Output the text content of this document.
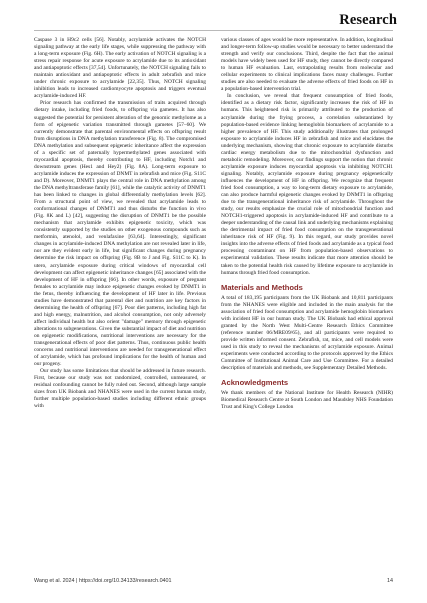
Research

Caspase 3 in H9c2 cells [56]. Notably, acrylamide activates the NOTCH signaling pathway at the early life stages, while suppressing the pathway with a long-term exposure (Fig. 6H). The early activation of NOTCH signaling is a stress repair response for acute exposure to acrylamide due to its antioxidant and antiapoptotic effects [37,54]. Unfortunately, the NOTCH signaling fails to maintain antioxidant and antiapoptotic effects in adult zebrafish and mice under chronic exposure to acrylamide [22,35]. Thus, NOTCH signaling inhibition leads to increased cardiomyocyte apoptosis and triggers eventual acrylamide-induced HF.

Prior research has confirmed the transmission of traits acquired through dietary intake, including fried foods, to offspring via gametes. It has also suggested the potential for persistent alteration of the genomic methylome as a form of epigenetic variation transmitted through gametes [57–60]. We currently demonstrate that parental environmental effects on offspring result from disruptions in DNA methylation transference (Fig. 8). The compromised DNA methylation and subsequent epigenetic inheritance affect the expression of a specific set of paternally hypermethylated genes associated with myocardial apoptosis, thereby contributing to HF, including Notch1 and downstream genes (Hes1 and Hey2) (Fig. 8A). Long-term exposure to acrylamide induces the expression of DNMT in zebrafish and mice (Fig. S11C and D). Moreover, DNMT1 plays the central role in DNA methylation among the DNA methyltransferase family [61], while the catalytic activity of DNMT1 has been linked to changes in global differentially methylation levels [62]. From a structural point of view, we revealed that acrylamide leads to conformational changes of DNMT1 and thus disturbs the function in vivo (Fig. 8K and L) [42], suggesting the disruption of DNMT1 be the possible mechanism that acrylamide exhibits epigenetic toxicity, which was consistently supported by the studies on other exogenous compounds such as metformin, atenolol, and venlafaxine [63,64]. Interestingly, significant changes in acrylamide-induced DNA methylation are not revealed later in life, nor are they evident early in life, but significant changes during pregnancy determine the risk impact on offspring (Fig. 8B to J and Fig. S11C to K). In utero, acrylamide exposure during critical windows of myocardial cell development can affect epigenetic inheritance changes [65] associated with the development of HF in offspring [66]. In other words, exposure of pregnant females to acrylamide may induce epigenetic changes evoked by DNMT1 in the fetus, thereby influencing the development of HF later in life. Previous studies have demonstrated that parental diet and nutrition are key factors in determining the health of offspring [67]. Poor diet patterns, including high fat and high energy, malnutrition, and alcohol consumption, not only adversely affect individual health but also orient "damage" memory through epigenetic alterations to subgenerations. Given the substantial impact of diet and nutrition on epigenetic modifications, nutritional interventions are necessary for the transgenerational effects of poor diet patterns. Thus, continuous public health concerns and nutritional interventions are needed for transgenerational effect of acrylamide, which has profound implications for the health of human and our progeny.

Our study has some limitations that should be addressed in future research. First, because our study was not randomized, controlled, unmeasured, or residual confounding cannot be fully ruled out. Second, although large sample sizes from UK Biobank and NHANES were used in the current human study, further multiple population-based studies including different ethnic groups with

various classes of ages would be more representative. In addition, longitudinal and longer-term follow-up studies would be necessary to better understand the strength and verify our conclusions. Third, despite the fact that the animal models have widely been used for HF study, they cannot be directly compared to human HF evaluation. Last, extrapolating results from molecular and cellular experiments to clinical implications faces many challenges. Further studies are also needed to evaluate the adverse effects of fried foods on HF in a population-based intervention trial.

In conclusion, we reveal that frequent consumption of fried foods, identified as a dietary risk factor, significantly increases the risk of HF in humans. This heightened risk is primarily attributed to the production of acrylamide during the frying process, a correlation substantiated by population-based evidence linking hemoglobin biomarkers of acrylamide to a higher prevalence of HF. This study additionally illustrates that prolonged exposure to acrylamide induces HF in zebrafish and mice and elucidates the underlying mechanism, showing that chronic exposure to acrylamide disturbs cardiac energy metabolism due to the mitochondrial dysfunction and metabolic remodeling. Moreover, our findings support the notion that chronic acrylamide exposure induces myocardial apoptosis via inhibiting NOTCH1 signaling. Notably, acrylamide exposure during pregnancy epigenetically influences the development of HF in offspring. We recognize that frequent fried food consumption, a way to long-term dietary exposure to acrylamide, can also produce harmful epigenetic changes evoked by DNMT1 in offspring due to the transgenerational inheritance risk of acrylamide. Throughout the study, our results emphasize the crucial role of mitochondrial function and NOTCH1-triggered apoptosis in acrylamide-induced HF and contribute to a deeper understanding of the causal link and underlying mechanisms explaining the detrimental impact of fried food consumption on the transgenerational inheritance risk of HF (Fig. 9). In this regard, our study provides novel insights into the adverse effects of fried foods and acrylamide as a typical food processing contaminant on HF from population-based observations to experimental validation. These results indicate that more attention should be taken to the potential health risk caused by lifetime exposure to acrylamide in humans through fried food consumption.

Materials and Methods

A total of 183,195 participants from the UK Biobank and 10,811 participants from the NHANES were eligible and included in the main analysis for the association of fried food consumption and acrylamide hemoglobin biomarkers with incident HF in our human study. The UK Biobank had ethical approval granted by the North West Multi-Centre Research Ethics Committee (reference number 06/MRE09/65), and all participants were required to provide written informed consent. Zebrafish, rat, mice, and cell models were used in this study to reveal the mechanisms of acrylamide exposure. Animal experiments were conducted according to the protocols approved by the Ethics Committee of Institutional Animal Care and Use Committee. For a detailed description of materials and methods, see Supplementary Detailed Methods.

Acknowledgments

We thank members of the National Institute for Health Research (NIHR) Biomedical Research Centre at South London and Maudsley NHS Foundation Trust and King's College London

Wang et al. 2024 | https://doi.org/10.34133/research.0401	14
